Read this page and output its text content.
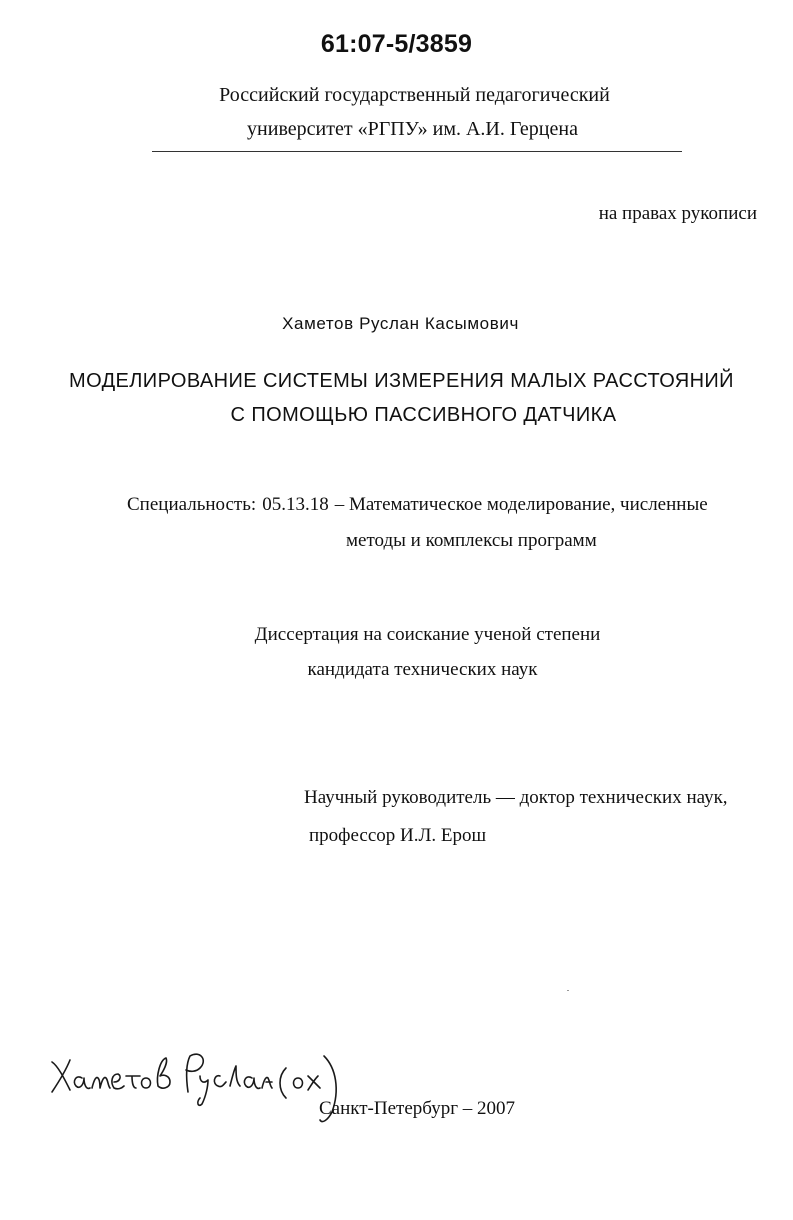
61:07-5/3859
Российский государственный педагогический
университет «РГПУ» им. А.И. Герцена
на правах рукописи
Хаметов Руслан Касымович
МОДЕЛИРОВАНИЕ СИСТЕМЫ ИЗМЕРЕНИЯ МАЛЫХ РАССТОЯНИЙ
С ПОМОЩЬЮ ПАССИВНОГО ДАТЧИКА
Специальность: 05.13.18 – Математическое моделирование, численные
методы и комплексы программ
Диссертация на соискание ученой степени
кандидата технических наук
Научный руководитель — доктор технических наук,
профессор И.Л. Ерош
Санкт-Петербург – 2007
